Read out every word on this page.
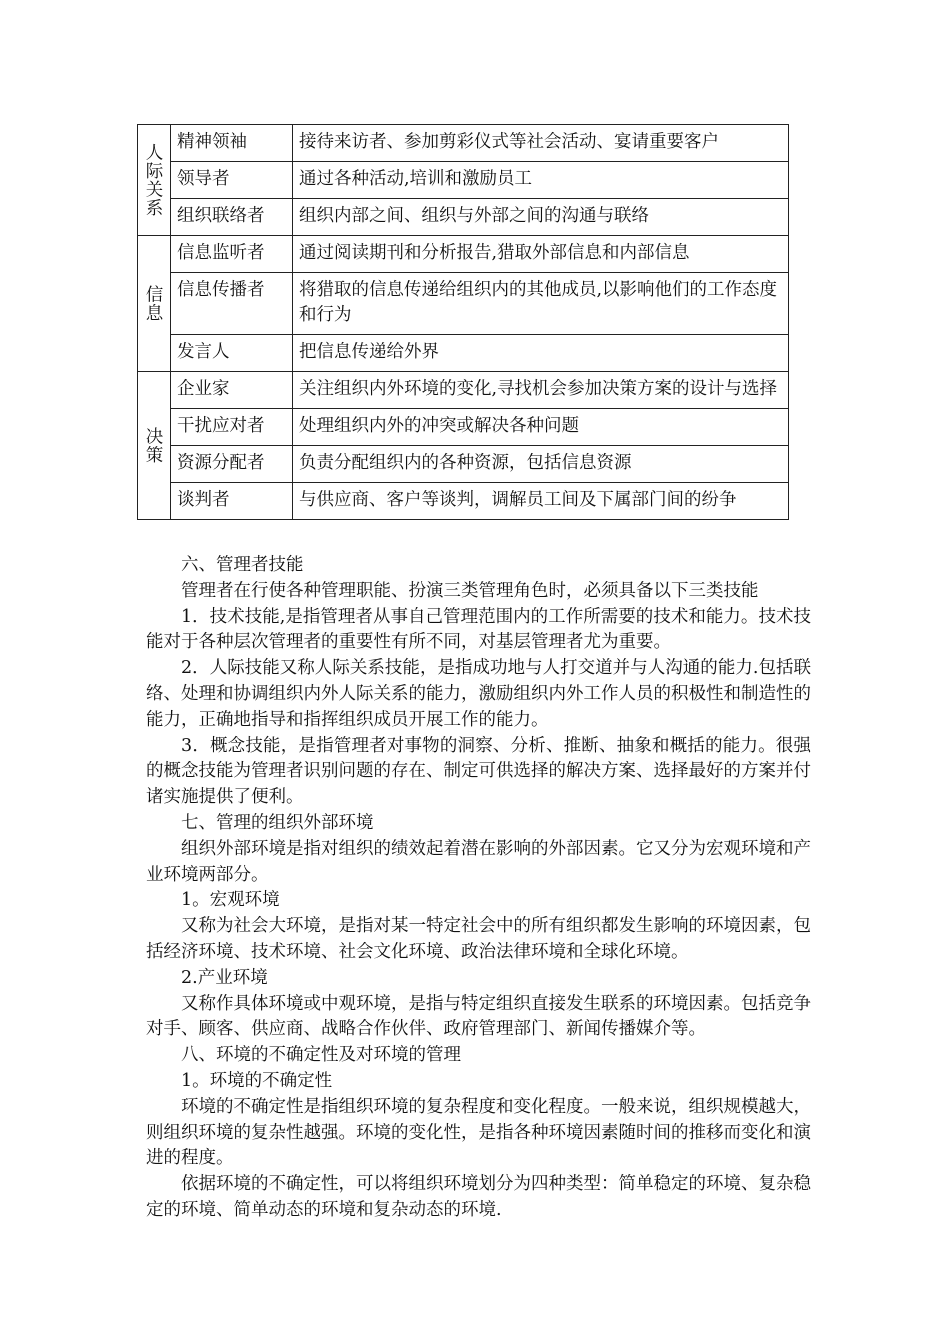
人际关系	精神领袖	接待来访者、参加剪彩仪式等社会活动、宴请重要客户
	领导者	通过各种活动,培训和激励员工
	组织联络者	组织内部之间、组织与外部之间的沟通与联络
信息	信息监听者	通过阅读期刊和分析报告,猎取外部信息和内部信息
	信息传播者	将猎取的信息传递给组织内的其他成员,以影响他们的工作态度和行为
	发言人	把信息传递给外界
决策	企业家	关注组织内外环境的变化,寻找机会参加决策方案的设计与选择
	干扰应对者	处理组织内外的冲突或解决各种问题
	资源分配者	负责分配组织内的各种资源，包括信息资源
	谈判者	与供应商、客户等谈判，调解员工间及下属部门间的纷争

六、管理者技能

管理者在行使各种管理职能、扮演三类管理角色时，必须具备以下三类技能

1．技术技能,是指管理者从事自己管理范围内的工作所需要的技术和能力。技术技能对于各种层次管理者的重要性有所不同，对基层管理者尤为重要。

2．人际技能又称人际关系技能，是指成功地与人打交道并与人沟通的能力.包括联络、处理和协调组织内外人际关系的能力，激励组织内外工作人员的积极性和制造性的能力，正确地指导和指挥组织成员开展工作的能力。

3．概念技能，是指管理者对事物的洞察、分析、推断、抽象和概括的能力。很强的概念技能为管理者识别问题的存在、制定可供选择的解决方案、选择最好的方案并付诸实施提供了便利。

七、管理的组织外部环境

组织外部环境是指对组织的绩效起着潜在影响的外部因素。它又分为宏观环境和产业环境两部分。

1。宏观环境

又称为社会大环境，是指对某一特定社会中的所有组织都发生影响的环境因素，包括经济环境、技术环境、社会文化环境、政治法律环境和全球化环境。

2.产业环境

又称作具体环境或中观环境，是指与特定组织直接发生联系的环境因素。包括竞争对手、顾客、供应商、战略合作伙伴、政府管理部门、新闻传播媒介等。

八、环境的不确定性及对环境的管理

1。环境的不确定性

环境的不确定性是指组织环境的复杂程度和变化程度。一般来说，组织规模越大，则组织环境的复杂性越强。环境的变化性，是指各种环境因素随时间的推移而变化和演进的程度。

依据环境的不确定性，可以将组织环境划分为四种类型：简单稳定的环境、复杂稳定的环境、简单动态的环境和复杂动态的环境.
